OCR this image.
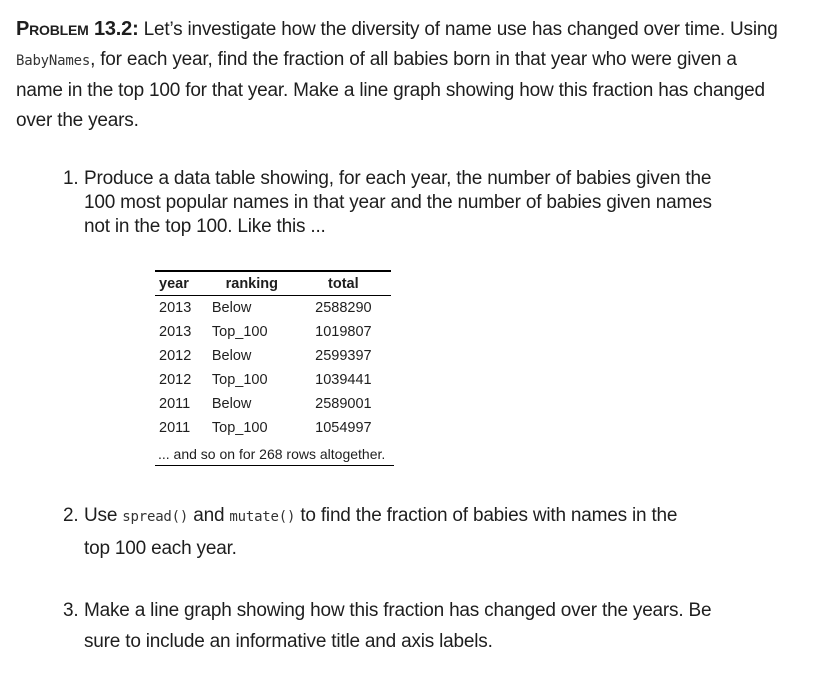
Problem 13.2: Let’s investigate how the diversity of name use has changed over time. Using
BabyNames, for each year, find the fraction of all babies born in that year who were given a
name in the top 100 for that year. Make a line graph showing how this fraction has changed
over the years.
1. Produce a data table showing, for each year, the number of babies given the
100 most popular names in that year and the number of babies given names
not in the top 100. Like this ...
year	ranking	total
2013	Below	2588290
2013	Top_100	1019807
2012	Below	2599397
2012	Top_100	1039441
2011	Below	2589001
2011	Top_100	1054997
... and so on for 268 rows altogether.
2. Use spread() and mutate() to find the fraction of babies with names in the
top 100 each year.
3. Make a line graph showing how this fraction has changed over the years. Be
sure to include an informative title and axis labels.
